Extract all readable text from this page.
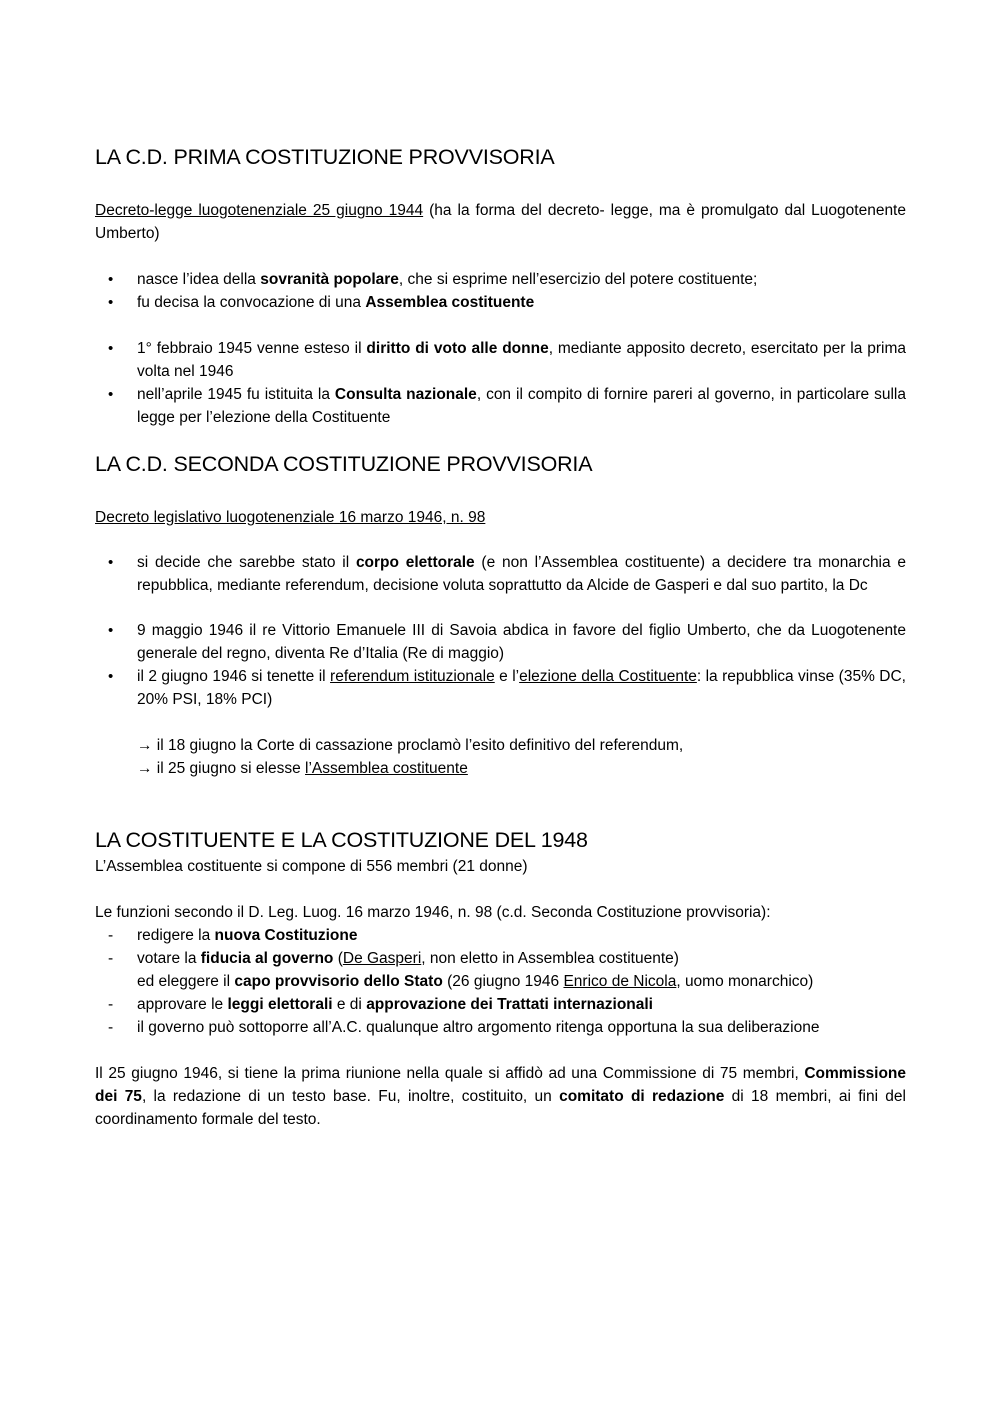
LA C.D. PRIMA COSTITUZIONE PROVVISORIA

Decreto-legge luogotenenziale 25 giugno 1944 (ha la forma del decreto- legge, ma è promulgato dal Luogotenente Umberto)

• nasce l’idea della sovranità popolare, che si esprime nell’esercizio del potere costituente;
• fu decisa la convocazione di una Assemblea costituente
• 1° febbraio 1945 venne esteso il diritto di voto alle donne, mediante apposito decreto, esercitato per la prima volta nel 1946
• nell’aprile 1945 fu istituita la Consulta nazionale, con il compito di fornire pareri al governo, in particolare sulla legge per l’elezione della Costituente
LA C.D. SECONDA COSTITUZIONE PROVVISORIA

Decreto legislativo luogotenenziale 16 marzo 1946, n. 98

• si decide che sarebbe stato il corpo elettorale (e non l’Assemblea costituente) a decidere tra monarchia e repubblica, mediante referendum, decisione voluta soprattutto da Alcide de Gasperi e dal suo partito, la Dc
• 9 maggio 1946 il re Vittorio Emanuele III di Savoia abdica in favore del figlio Umberto, che da Luogotenente generale del regno, diventa Re d’Italia (Re di maggio)
• il 2 giugno 1946 si tenette il referendum istituzionale e l’elezione della Costituente: la repubblica vinse (35% DC, 20% PSI, 18% PCI)
→ il 18 giugno la Corte di cassazione proclamò l’esito definitivo del referendum,
→ il 25 giugno si elesse l’Assemblea costituente
LA COSTITUENTE E LA COSTITUZIONE DEL 1948

L’Assemblea costituente si compone di 556 membri (21 donne)

Le funzioni secondo il D. Leg. Luog. 16 marzo 1946, n. 98 (c.d. Seconda Costituzione provvisoria):

- redigere la nuova Costituzione
- votare la fiducia al governo (De Gasperi, non eletto in Assemblea costituente)
ed eleggere il capo provvisorio dello Stato (26 giugno 1946 Enrico de Nicola, uomo monarchico)
- approvare le leggi elettorali e di approvazione dei Trattati internazionali
- il governo può sottoporre all’A.C. qualunque altro argomento ritenga opportuna la sua deliberazione

Il 25 giugno 1946, si tiene la prima riunione nella quale si affidò ad una Commissione di 75 membri, Commissione dei 75, la redazione di un testo base. Fu, inoltre, costituito, un comitato di redazione di 18 membri, ai fini del coordinamento formale del testo.
